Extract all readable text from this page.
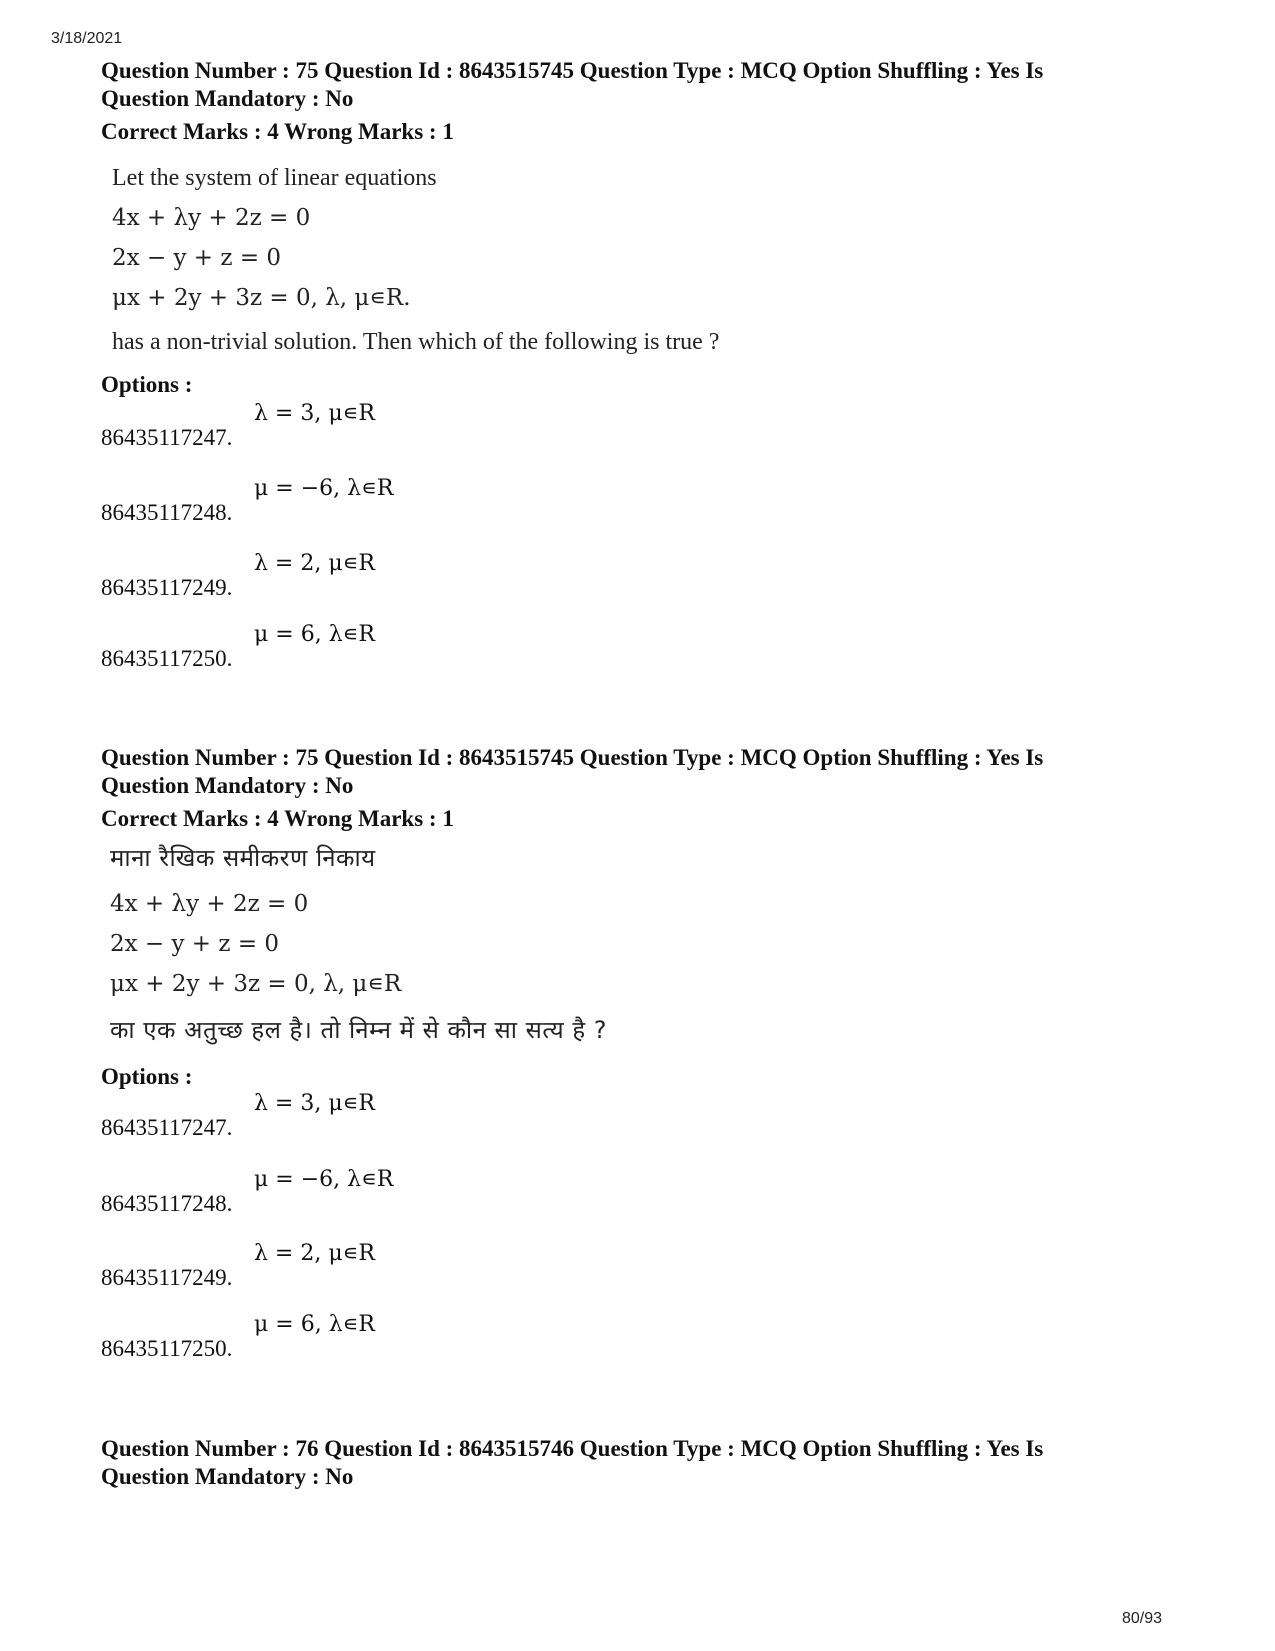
3/18/2021
Question Number : 75 Question Id : 8643515745 Question Type : MCQ Option Shuffling : Yes Is
Question Mandatory : No
Correct Marks : 4 Wrong Marks : 1
Let the system of linear equations
4x + λy + 2z = 0
2x − y + z = 0
μx + 2y + 3z = 0, λ, μ∊R.
has a non-trivial solution. Then which of the following is true ?
Options :
86435117247.
λ = 3, μ∊R
86435117248.
μ = −6, λ∊R
86435117249.
λ = 2, μ∊R
86435117250.
μ = 6, λ∊R
Question Number : 75 Question Id : 8643515745 Question Type : MCQ Option Shuffling : Yes Is
Question Mandatory : No
Correct Marks : 4 Wrong Marks : 1
माना रैखिक समीकरण निकाय
4x + λy + 2z = 0
2x − y + z = 0
μx + 2y + 3z = 0, λ, μ∊R
का एक अतुच्छ हल है। तो निम्न में से कौन सा सत्य है ?
Options :
86435117247.
λ = 3, μ∊R
86435117248.
μ = −6, λ∊R
86435117249.
λ = 2, μ∊R
86435117250.
μ = 6, λ∊R
Question Number : 76 Question Id : 8643515746 Question Type : MCQ Option Shuffling : Yes Is
Question Mandatory : No
80/93
